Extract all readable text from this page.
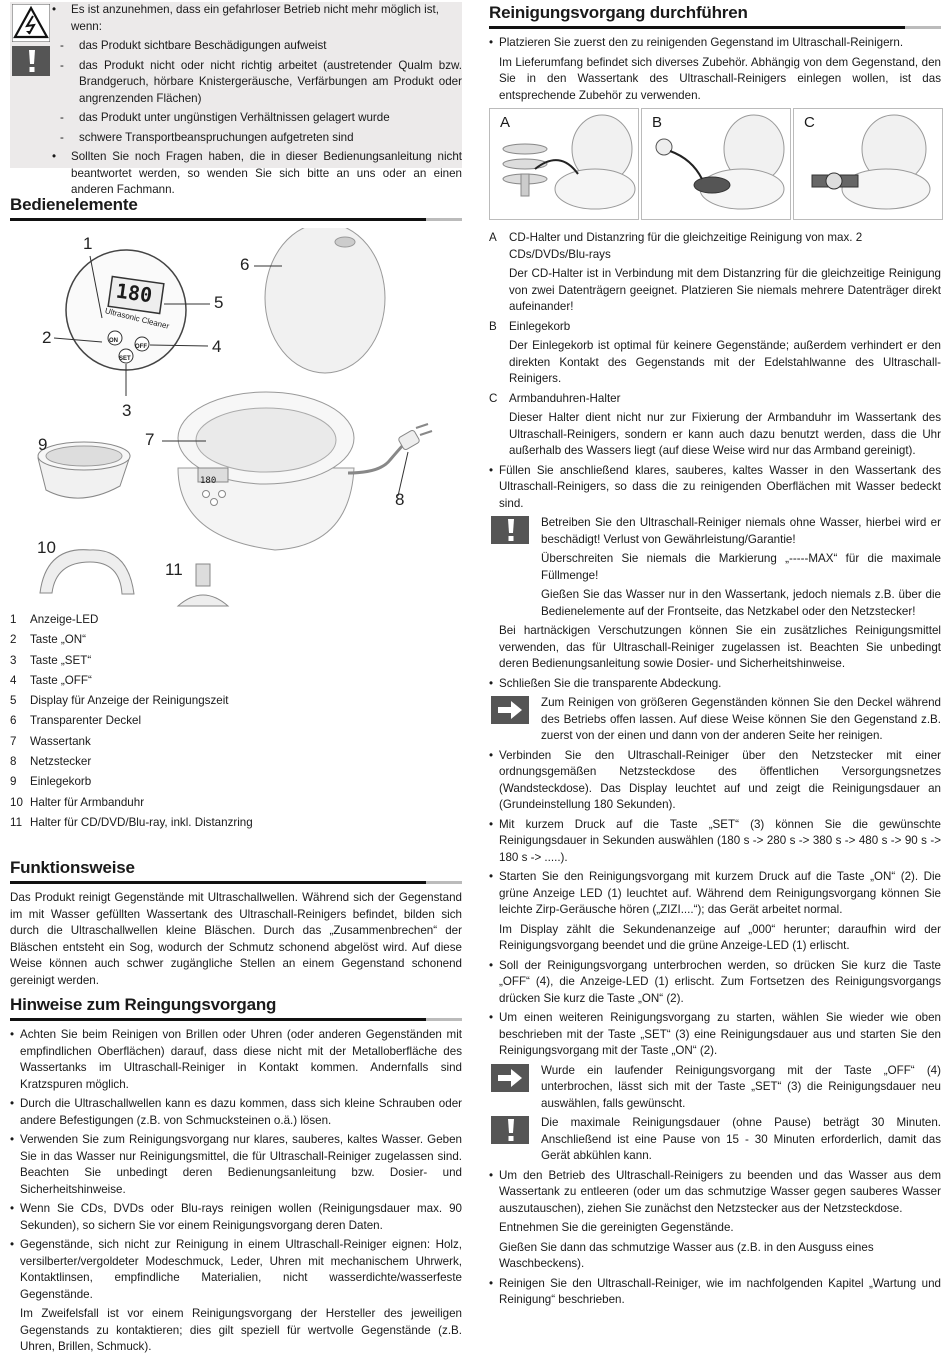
• Es ist anzunehmen, dass ein gefahrloser Betrieb nicht mehr möglich ist, wenn:

- das Produkt sichtbare Beschädigungen aufweist

- das Produkt nicht oder nicht richtig arbeitet (austretender Qualm bzw. Brandgeruch, hörbare Knistergeräusche, Verfärbungen am Produkt oder angrenzenden Flächen)

- das Produkt unter ungünstigen Verhältnissen gelagert wurde

- schwere Transportbeanspruchungen aufgetreten sind

• Sollten Sie noch Fragen haben, die in dieser Bedienungsanleitung nicht beantwortet werden, so wenden Sie sich bitte an uns oder an einen anderen Fachmann.

Bedienelemente
180
Ultrasonic Cleaner
ON
OFF
SET
180
1
2
3
4
5
6
7
8
9
10
11
1 Anzeige-LED
2 Taste „ON“
3 Taste „SET“
4 Taste „OFF“
5 Display für Anzeige der Reinigungszeit
6 Transparenter Deckel
7 Wassertank
8 Netzstecker
9 Einlegekorb
10 Halter für Armbanduhr
11 Halter für CD/DVD/Blu-ray, inkl. Distanzring
Funktionsweise

Das Produkt reinigt Gegenstände mit Ultraschallwellen. Während sich der Gegenstand im mit Wasser gefüllten Wassertank des Ultraschall-Reinigers befindet, bilden sich durch die Ultraschallwellen kleine Bläschen. Durch das „Zusammenbrechen“ der Bläschen entsteht ein Sog, wodurch der Schmutz schonend abgelöst wird. Auf diese Weise können auch schwer zugängliche Stellen an einem Gegenstand schonend gereinigt werden.

Hinweise zum Reingungsvorgang

• Achten Sie beim Reinigen von Brillen oder Uhren (oder anderen Gegenständen mit empfindlichen Oberflächen) darauf, dass diese nicht mit der Metalloberfläche des Wassertanks im Ultraschall-Reiniger in Kontakt kommen. Andernfalls sind Kratzspuren möglich.

• Durch die Ultraschallwellen kann es dazu kommen, dass sich kleine Schrauben oder andere Befestigungen (z.B. von Schmucksteinen o.ä.) lösen.

• Verwenden Sie zum Reinigungsvorgang nur klares, sauberes, kaltes Wasser. Geben Sie in das Wasser nur Reinigungsmittel, die für Ultraschall-Reiniger zugelassen sind. Beachten Sie unbedingt deren Bedienungsanleitung bzw. Dosier- und Sicherheitshinweise.

• Wenn Sie CDs, DVDs oder Blu-rays reinigen wollen (Reinigungsdauer max. 90 Sekunden), so sichern Sie vor einem Reinigungsvorgang deren Daten.

• Gegenstände, sich nicht zur Reinigung in einem Ultraschall-Reiniger eignen: Holz, versilberter/vergoldeter Modeschmuck, Leder, Uhren mit mechanischem Uhrwerk, Kontaktlinsen, empfindliche Materialien, nicht wasserdichte/wasserfeste Gegenstände.

Im Zweifelsfall ist vor einem Reinigungsvorgang der Hersteller des jeweiligen Gegenstands zu kontaktieren; dies gilt speziell für wertvolle Gegenstände (z.B. Uhren, Brillen, Schmuck).

Reinigungsvorgang durchführen

• Platzieren Sie zuerst den zu reinigenden Gegenstand im Ultraschall-Reinigern.

Im Lieferumfang befindet sich diverses Zubehör. Abhängig von dem Gegenstand, den Sie in den Wassertank des Ultraschall-Reinigers einlegen wollen, ist das entsprechende Zubehör zu verwenden.

A	B	C
A CD-Halter und Distanzring für die gleichzeitige Reinigung von max. 2 CDs/DVDs/Blu-rays

Der CD-Halter ist in Verbindung mit dem Distanzring für die gleichzeitige Reinigung von zwei Datenträgern geeignet. Platzieren Sie niemals mehrere Datenträger direkt aufeinander!

B Einlegekorb

Der Einlegekorb ist optimal für keinere Gegenstände; außerdem verhindert er den direkten Kontakt des Gegenstands mit der Edelstahlwanne des Ultraschall-Reinigers.

C Armbanduhren-Halter

Dieser Halter dient nicht nur zur Fixierung der Armbanduhr im Wassertank des Ultraschall-Reinigers, sondern er kann auch dazu benutzt werden, dass die Uhr außerhalb des Wassers liegt (auf diese Weise wird nur das Armband gereinigt).

• Füllen Sie anschließend klares, sauberes, kaltes Wasser in den Wassertank des Ultraschall-Reinigers, so dass die zu reinigenden Oberflächen mit Wasser bedeckt sind.

Betreiben Sie den Ultraschall-Reiniger niemals ohne Wasser, hierbei wird er beschädigt! Verlust von Gewährleistung/Garantie!

Überschreiten Sie niemals die Markierung „-----MAX“ für die maximale Füllmenge!

Gießen Sie das Wasser nur in den Wassertank, jedoch niemals z.B. über die Bedienelemente auf der Frontseite, das Netzkabel oder den Netzstecker!

Bei hartnäckigen Verschutzungen können Sie ein zusätzliches Reinigungsmittel verwenden, das für Ultraschall-Reiniger zugelassen ist. Beachten Sie unbedingt deren Bedienungsanleitung sowie Dosier- und Sicherheitshinweise.

• Schließen Sie die transparente Abdeckung.

Zum Reinigen von größeren Gegenständen können Sie den Deckel während des Betriebs offen lassen. Auf diese Weise können Sie den Gegenstand z.B. zuerst von der einen und dann von der anderen Seite her reinigen.

• Verbinden Sie den Ultraschall-Reiniger über den Netzstecker mit einer ordnungsgemäßen Netzsteckdose des öffentlichen Versorgungsnetzes (Wandsteckdose). Das Display leuchtet auf und zeigt die Reinigungsdauer an (Grundeinstellung 180 Sekunden).

• Mit kurzem Druck auf die Taste „SET“ (3) können Sie die gewünschte Reinigungsdauer in Sekunden auswählen (180 s -> 280 s -> 380 s -> 480 s -> 90 s -> 180 s -> .....).

• Starten Sie den Reinigungsvorgang mit kurzem Druck auf die Taste „ON“ (2). Die grüne Anzeige LED (1) leuchtet auf. Während dem Reinigungsvorgang können Sie leichte Zirp-Geräusche hören („ZIZI....“); das Gerät arbeitet normal.

Im Display zählt die Sekundenanzeige auf „000“ herunter; daraufhin wird der Reinigungsvorgang beendet und die grüne Anzeige-LED (1) erlischt.

• Soll der Reinigungsvorgang unterbrochen werden, so drücken Sie kurz die Taste „OFF“ (4), die Anzeige-LED (1) erlischt. Zum Fortsetzen des Reinigungsvorgangs drücken Sie kurz die Taste „ON“ (2).

• Um einen weiteren Reinigungsvorgang zu starten, wählen Sie wieder wie oben beschrieben mit der Taste „SET“ (3) eine Reinigungsdauer aus und starten Sie den Reinigungsvorgang mit der Taste „ON“ (2).

Wurde ein laufender Reinigungsvorgang mit der Taste „OFF“ (4) unterbrochen, lässt sich mit der Taste „SET“ (3) die Reinigungsdauer neu auswählen, falls gewünscht.
Die maximale Reinigungsdauer (ohne Pause) beträgt 30 Minuten. Anschließend ist eine Pause von 15 - 30 Minuten erforderlich, damit das Gerät abkühlen kann.

• Um den Betrieb des Ultraschall-Reinigers zu beenden und das Wasser aus dem Wassertank zu entleeren (oder um das schmutzige Wasser gegen sauberes Wasser auszutauschen), ziehen Sie zunächst den Netzstecker aus der Netzsteckdose.

Entnehmen Sie die gereinigten Gegenstände.

Gießen Sie dann das schmutzige Wasser aus (z.B. in den Ausguss eines Waschbeckens).

• Reinigen Sie den Ultraschall-Reiniger, wie im nachfolgenden Kapitel „Wartung und Reinigung“ beschrieben.
